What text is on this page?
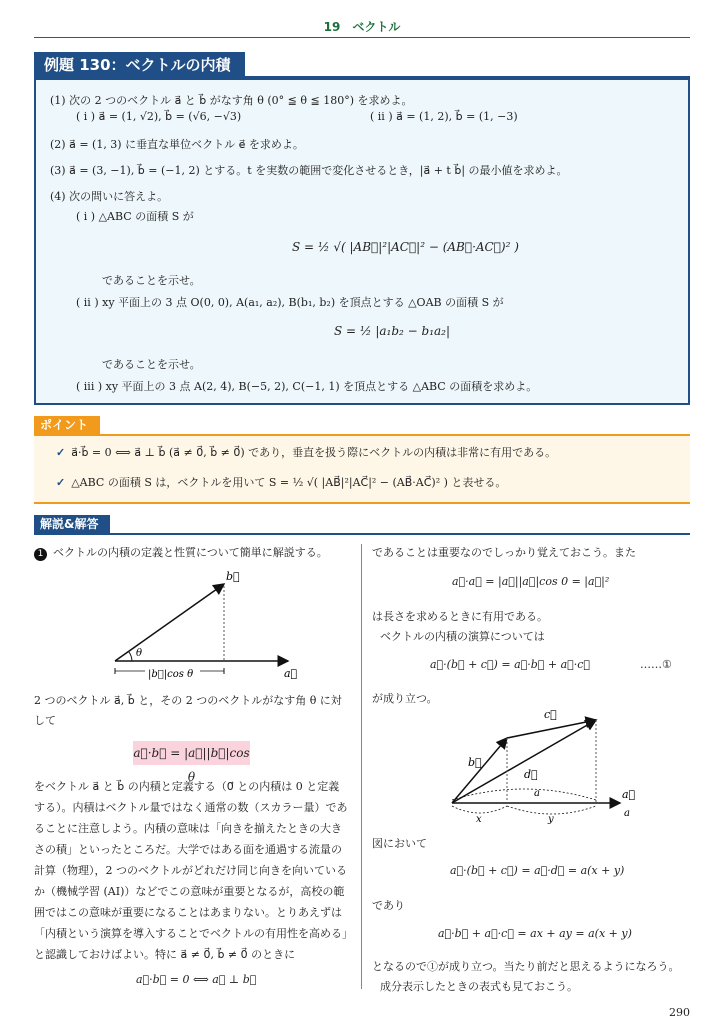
19　ベクトル
例題 130：ベクトルの内積
(1) 次の 2 つのベクトル a⃗ と b⃗ がなす角 θ (0° ≦ θ ≦ 180°) を求めよ。
( i ) a⃗ = (1, √2), b⃗ = (√6, −√3)	( ii ) a⃗ = (1, 2), b⃗ = (1, −3)
(2) a⃗ = (1, 3) に垂直な単位ベクトル e⃗ を求めよ。
(3) a⃗ = (3, −1), b⃗ = (−1, 2) とする。t を実数の範囲で変化させるとき，|a⃗ + t b⃗| の最小値を求めよ。
(4) 次の問いに答えよ。
( i ) △ABC の面積 S が
S = ½ √( |AB⃗|²|AC⃗|² − (AB⃗·AC⃗)² )
であることを示せ。
( ii ) xy 平面上の 3 点 O(0, 0), A(a₁, a₂), B(b₁, b₂) を頂点とする △OAB の面積 S が
S = ½ |a₁b₂ − b₁a₂|
であることを示せ。
( iii ) xy 平面上の 3 点 A(2, 4), B(−5, 2), C(−1, 1) を頂点とする △ABC の面積を求めよ。
ポイント
✓ a⃗·b⃗ = 0 ⟺ a⃗ ⊥ b⃗ (a⃗ ≠ 0⃗, b⃗ ≠ 0⃗) であり，垂直を扱う際にベクトルの内積は非常に有用である。
✓ △ABC の面積 S は，ベクトルを用いて S = ½ √( |AB⃗|²|AC⃗|² − (AB⃗·AC⃗)² ) と表せる。
解説&解答
1 ベクトルの内積の定義と性質について簡単に解説する。
b⃗
a⃗
θ
|b⃗|cos θ
2 つのベクトル a⃗, b⃗ と，その 2 つのベクトルがなす角 θ に対
して
a⃗·b⃗ = |a⃗||b⃗|cos θ
をベクトル a⃗ と b⃗ の内積と定義する（0⃗ との内積は 0 と定義
する）。内積はベクトル量ではなく通常の数（スカラー量）であ
ることに注意しよう。内積の意味は「向きを揃えたときの大き
さの積」といったところだ。大学ではある面を通過する流量の
計算（物理），2 つのベクトルがどれだけ同じ向きを向いている
か（機械学習 (AI)）などでこの意味が重要となるが，高校の範
囲ではこの意味が重要になることはあまりない。とりあえずは
「内積という演算を導入することでベクトルの有用性を高める」
と認識しておけばよい。特に a⃗ ≠ 0⃗, b⃗ ≠ 0⃗ のときに
a⃗·b⃗ = 0 ⟺ a⃗ ⊥ b⃗
であることは重要なのでしっかり覚えておこう。また
a⃗·a⃗ = |a⃗||a⃗|cos 0 = |a⃗|²
は長さを求めるときに有用である。
ベクトルの内積の演算については
a⃗·(b⃗ + c⃗) = a⃗·b⃗ + a⃗·c⃗	……①
が成り立つ。
c⃗
b⃗
d⃗
a	a⃗
x	y
a
図において
a⃗·(b⃗ + c⃗) = a⃗·d⃗ = a(x + y)
であり
a⃗·b⃗ + a⃗·c⃗ = ax + ay = a(x + y)
となるので①が成り立つ。当たり前だと思えるようになろう。
成分表示したときの表式も見ておこう。
290
